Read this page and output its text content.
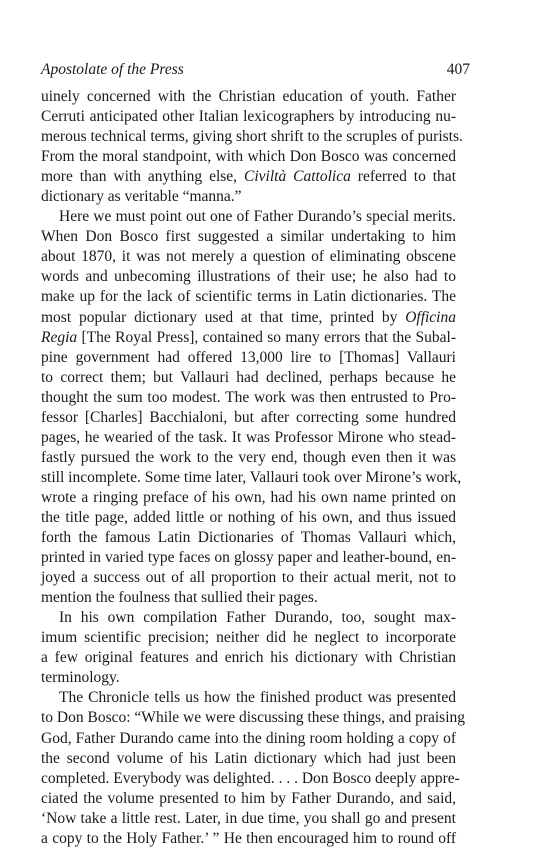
Apostolate of the Press	407
uinely concerned with the Christian education of youth. Father
Cerruti anticipated other Italian lexicographers by introducing nu-
merous technical terms, giving short shrift to the scruples of purists.
From the moral standpoint, with which Don Bosco was concerned
more than with anything else, Civiltà Cattolica referred to that
dictionary as veritable “manna.”
Here we must point out one of Father Durando’s special merits.
When Don Bosco first suggested a similar undertaking to him
about 1870, it was not merely a question of eliminating obscene
words and unbecoming illustrations of their use; he also had to
make up for the lack of scientific terms in Latin dictionaries. The
most popular dictionary used at that time, printed by Officina
Regia [The Royal Press], contained so many errors that the Subal-
pine government had offered 13,000 lire to [Thomas] Vallauri
to correct them; but Vallauri had declined, perhaps because he
thought the sum too modest. The work was then entrusted to Pro-
fessor [Charles] Bacchialoni, but after correcting some hundred
pages, he wearied of the task. It was Professor Mirone who stead-
fastly pursued the work to the very end, though even then it was
still incomplete. Some time later, Vallauri took over Mirone’s work,
wrote a ringing preface of his own, had his own name printed on
the title page, added little or nothing of his own, and thus issued
forth the famous Latin Dictionaries of Thomas Vallauri which,
printed in varied type faces on glossy paper and leather-bound, en-
joyed a success out of all proportion to their actual merit, not to
mention the foulness that sullied their pages.
In his own compilation Father Durando, too, sought max-
imum scientific precision; neither did he neglect to incorporate
a few original features and enrich his dictionary with Christian
terminology.
The Chronicle tells us how the finished product was presented
to Don Bosco: “While we were discussing these things, and praising
God, Father Durando came into the dining room holding a copy of
the second volume of his Latin dictionary which had just been
completed. Everybody was delighted. . . . Don Bosco deeply appre-
ciated the volume presented to him by Father Durando, and said,
‘Now take a little rest. Later, in due time, you shall go and present
a copy to the Holy Father.’ ” He then encouraged him to round off
